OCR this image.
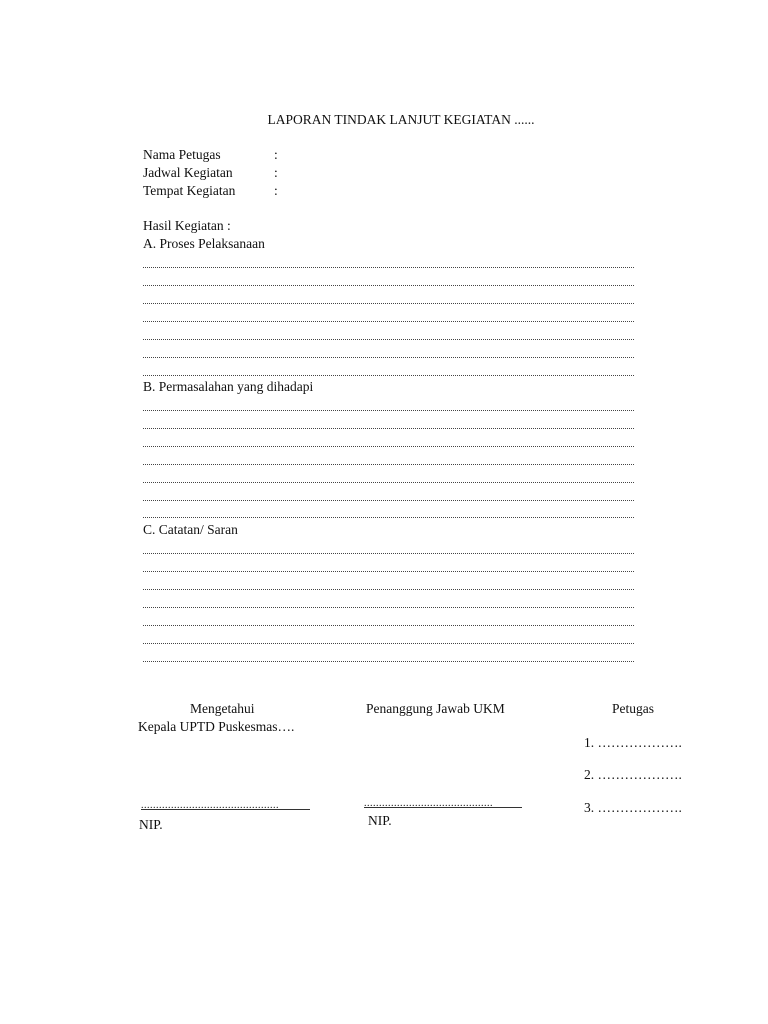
LAPORAN TINDAK LANJUT KEGIATAN ......
Nama Petugas	:
Jadwal Kegiatan	:
Tempat Kegiatan	:
Hasil Kegiatan :
A. Proses Pelaksanaan
B. Permasalahan yang dihadapi
C. Catatan/ Saran
Mengetahui
Kepala UPTD Puskesmas….
..............................................
NIP.
Penanggung Jawab UKM
...........................................
NIP.
Petugas
1. ……………….
2. ……………….
3. ……………….
